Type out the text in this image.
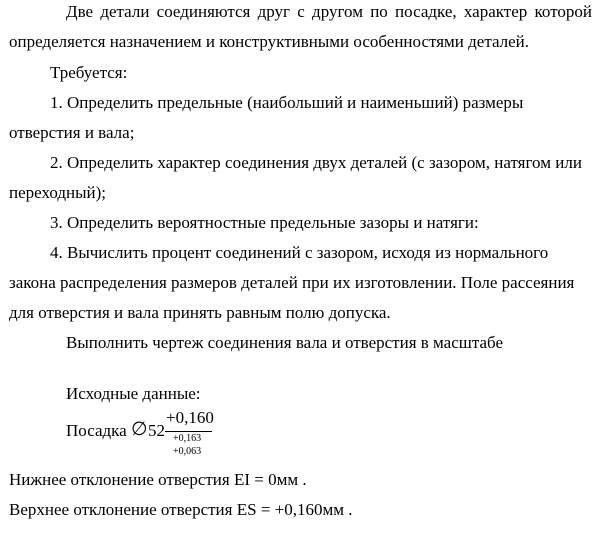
Две детали соединяются друг с другом по посадке, характер которой
определяется назначением и конструктивными особенностями деталей.
Требуется:
1. Определить предельные (наибольший и наименьший) размеры
отверстия и вала;
2. Определить характер соединения двух деталей (с зазором, натягом или
переходный);
3. Определить вероятностные предельные зазоры и натяги:
4. Вычислить процент соединений с зазором, исходя из нормального
закона распределения размеров деталей при их изготовлении. Поле рассеяния
для отверстия и вала принять равным полю допуска.
Выполнить чертеж соединения вала и отверстия в масштабе
Исходные данные:
Посадка ∅ 52
+0,160
+0,163
+0,063
Нижнее отклонение отверстия EI = 0мм .
Верхнее отклонение отверстия ES = +0,160мм .
